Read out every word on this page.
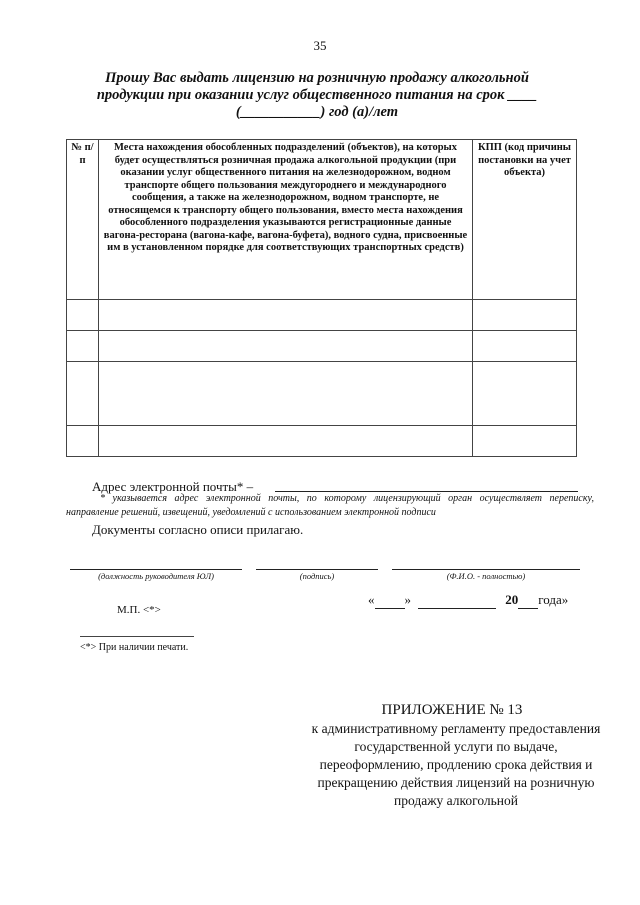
35
Прошу Вас выдать лицензию на розничную продажу алкогольной продукции при оказании услуг общественного питания на срок ____ (___________) год (а)/лет
№ п/п	Места нахождения обособленных подразделений (объектов), на которых будет осуществляться розничная продажа алкогольной продукции (при оказании услуг общественного питания на железнодорожном, водном транспорте общего пользования междугороднего и международного сообщения, а также на железнодорожном, водном транспорте, не относящемся к транспорту общего пользования, вместо места нахождения обособленного подразделения указываются регистрационные данные вагона-ресторана (вагона-кафе, вагона-буфета), водного судна, присвоенные им в установленном порядке для соответствующих транспортных средств)	КПП (код причины постановки на учет объекта)

Адрес электронной почты* –
* указывается адрес электронной почты, по которому лицензирующий орган осуществляет переписку, направление решений, извещений, уведомлений с использованием электронной подписи
Документы согласно описи прилагаю.
(должность руководителя ЮЛ)	(подпись)	(Ф.И.О. - полностью)
« »	20 года»
М.П. <*>
<*> При наличии печати.
ПРИЛОЖЕНИЕ № 13
к административному регламенту предоставления государственной услуги по выдаче, переоформлению, продлению срока действия и прекращению действия лицензий на розничную продажу алкогольной
